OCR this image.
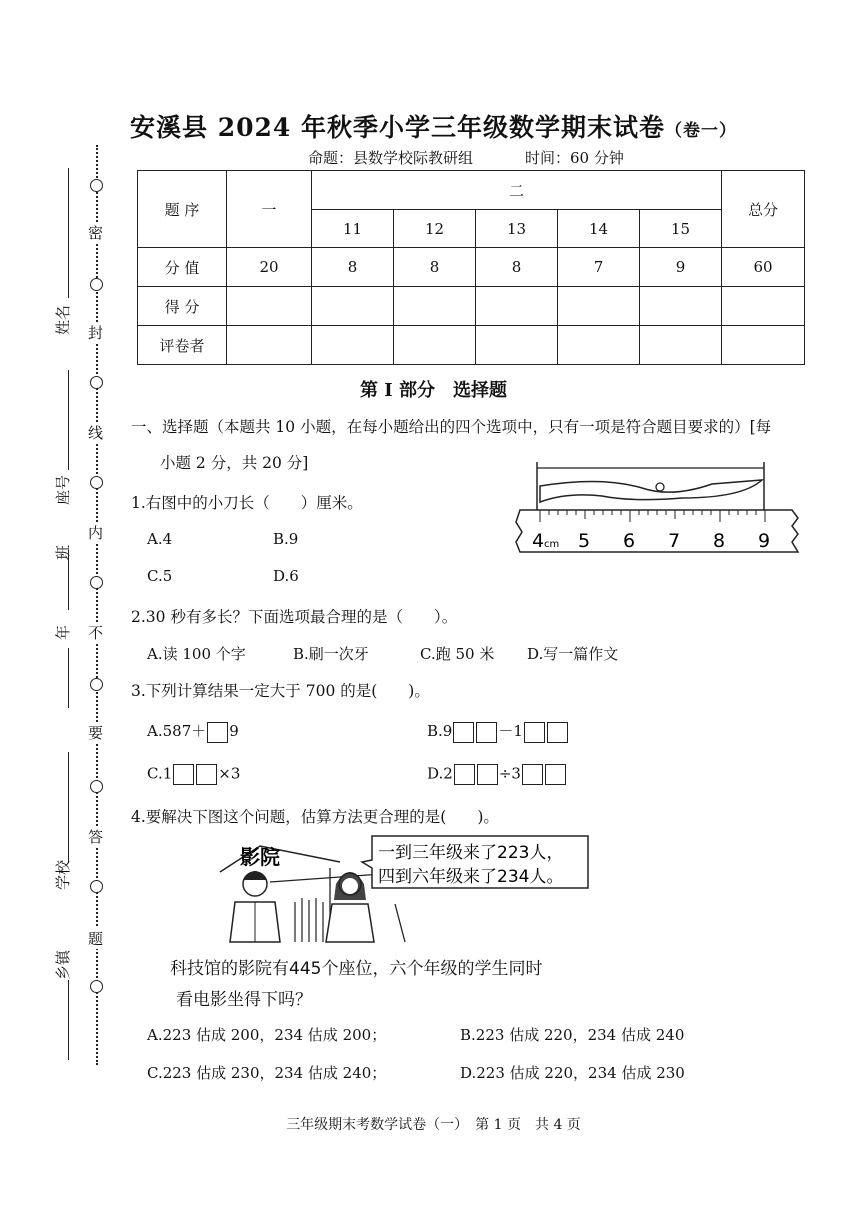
密
封
线
内
不
要
答
题
姓名
座号
班
年
学校
乡镇
安溪县 2024 年秋季小学三年级数学期末试卷（卷一）
命题：县数学校际教研组	时间：60 分钟
题 序	一	二					总分
		11	12	13	14	15	
分 值	20	8	8	8	7	9	60
得 分							
评卷者							
第 I 部分　选择题
一、选择题（本题共 10 小题，在每小题给出的四个选项中，只有一项是符合题目要求的）[每
小题 2 分，共 20 分]
1.右图中的小刀长（　　）厘米。
A.4	B.9
C.5	D.6
4 cm 5 6 7 8 9
2.30 秒有多长？下面选项最合理的是（　　）。
A.读 100 个字	B.刷一次牙	C.跑 50 米 D.写一篇作文
3.下列计算结果一定大于 700 的是(　　)。
A.587＋ 9	B.9	－1
C.1	×3	D.2	÷3
4.要解决下图这个问题，估算方法更合理的是(　　)。
影院	一到三年级来了223人，
四到六年级来了234人。
科技馆的影院有445个座位，六个年级的学生同时
看电影坐得下吗？
A.223 估成 200，234 估成 200；	B.223 估成 220，234 估成 240
C.223 估成 230，234 估成 240；	D.223 估成 220，234 估成 230
三年级期末考数学试卷（一）　第 1 页　共 4 页
